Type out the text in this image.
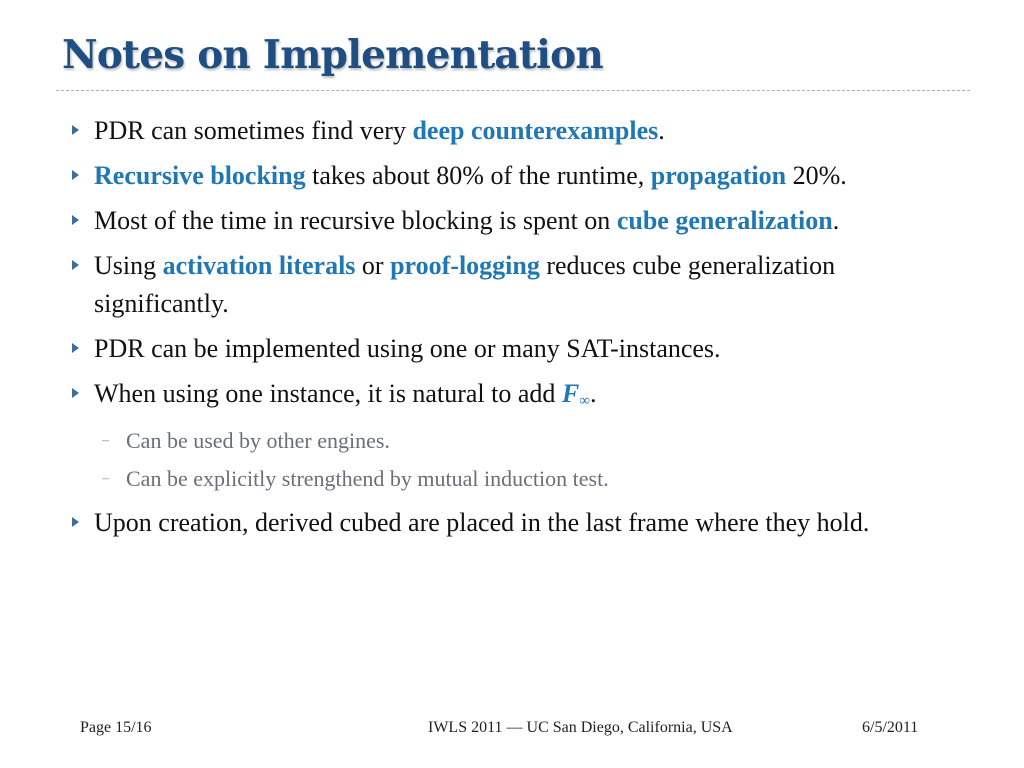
Notes on Implementation
PDR can sometimes find very deep counterexamples.
Recursive blocking takes about 80% of the runtime, propagation 20%.
Most of the time in recursive blocking is spent on cube generalization.
Using activation literals or proof-logging reduces cube generalization significantly.
PDR can be implemented using one or many SAT-instances.
When using one instance, it is natural to add $F_\infty$.
– Can be used by other engines.
– Can be explicitly strengthend by mutual induction test.
Upon creation, derived cubed are placed in the last frame where they hold.
Page 15/16	IWLS 2011 — UC San Diego, California, USA	6/5/2011
